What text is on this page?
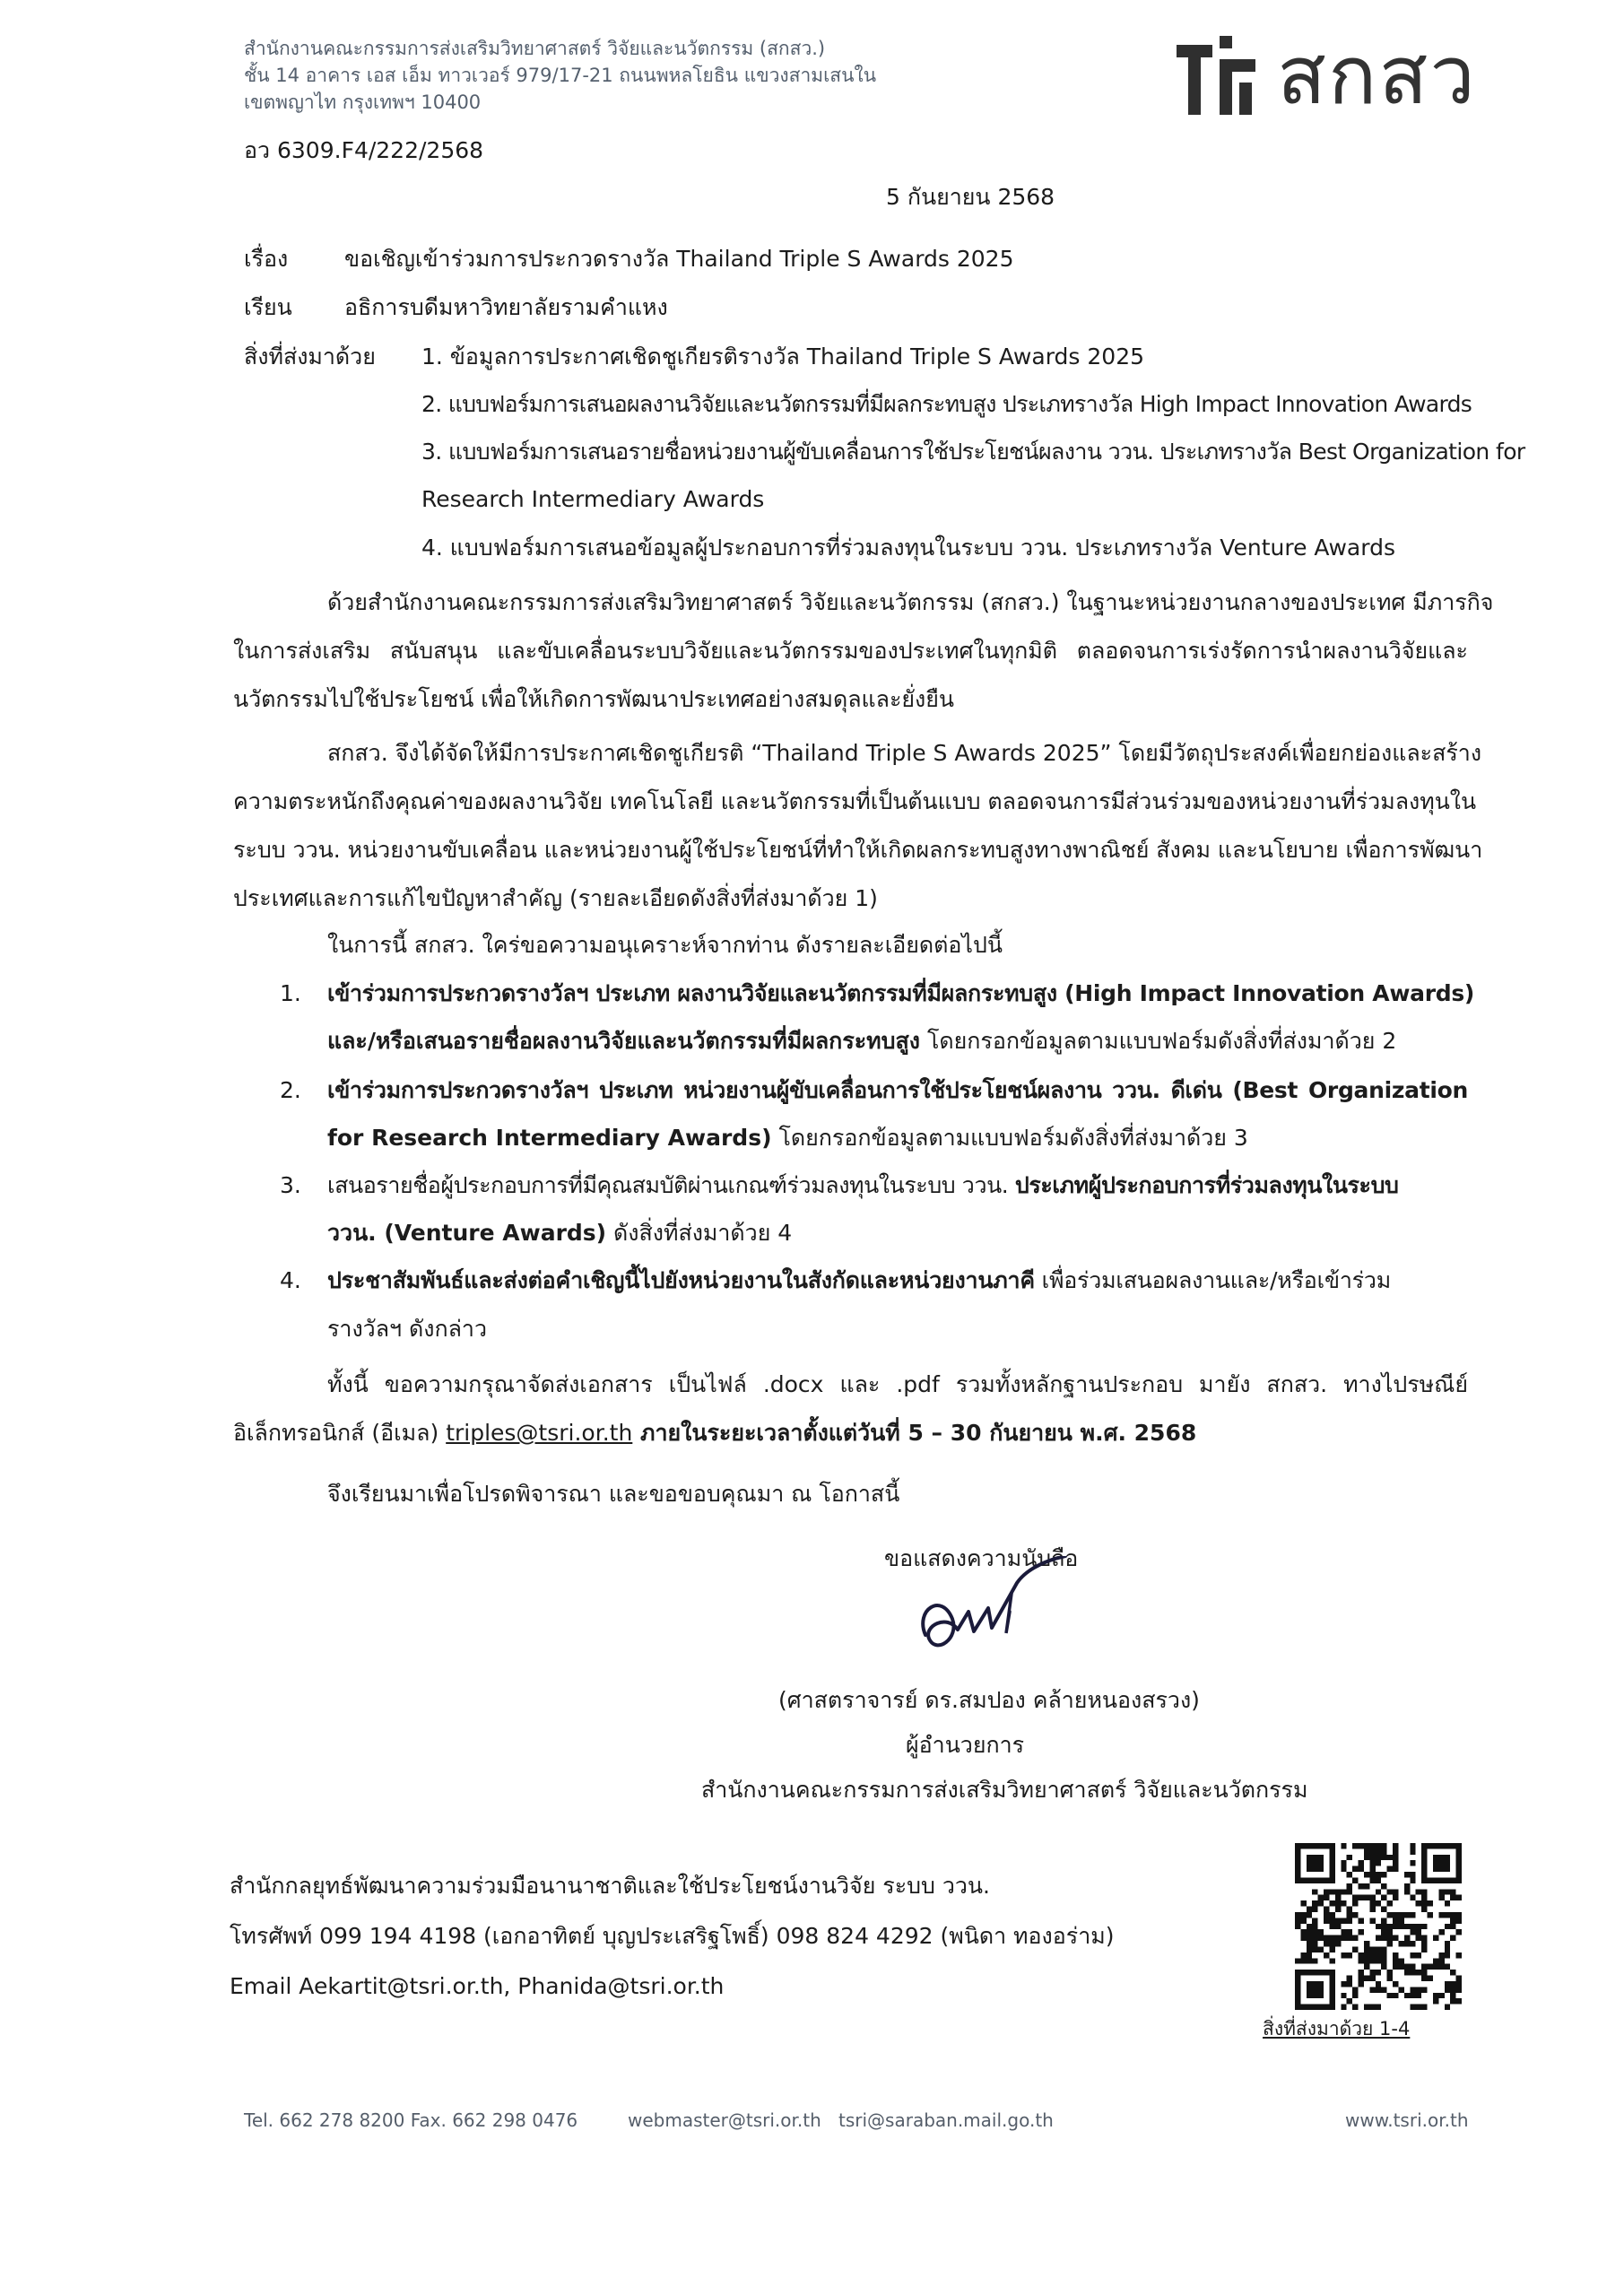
สำนักงานคณะกรรมการส่งเสริมวิทยาศาสตร์ วิจัยและนวัตกรรม (สกสว.)
ชั้น 14 อาคาร เอส เอ็ม ทาวเวอร์ 979/17-21 ถนนพหลโยธิน แขวงสามเสนใน
เขตพญาไท กรุงเทพฯ 10400	สกสว
อว 6309.F4/222/2568
5 กันยายน 2568
เรื่อง	ขอเชิญเข้าร่วมการประกวดรางวัล Thailand Triple S Awards 2025
เรียน อธิการบดีมหาวิทยาลัยรามคำแหง
สิ่งที่ส่งมาด้วย 1. ข้อมูลการประกาศเชิดชูเกียรติรางวัล Thailand Triple S Awards 2025
2. แบบฟอร์มการเสนอผลงานวิจัยและนวัตกรรมที่มีผลกระทบสูง ประเภทรางวัล High Impact Innovation Awards
3. แบบฟอร์มการเสนอรายชื่อหน่วยงานผู้ขับเคลื่อนการใช้ประโยชน์ผลงาน ววน. ประเภทรางวัล Best Organization for
Research Intermediary Awards
4. แบบฟอร์มการเสนอข้อมูลผู้ประกอบการที่ร่วมลงทุนในระบบ ววน. ประเภทรางวัล Venture Awards
ด้วยสำนักงานคณะกรรมการส่งเสริมวิทยาศาสตร์ วิจัยและนวัตกรรม (สกสว.) ในฐานะหน่วยงานกลางของประเทศ มีภารกิจ
ในการส่งเสริม สนับสนุน และขับเคลื่อนระบบวิจัยและนวัตกรรมของประเทศในทุกมิติ ตลอดจนการเร่งรัดการนำผลงานวิจัยและ
นวัตกรรมไปใช้ประโยชน์ เพื่อให้เกิดการพัฒนาประเทศอย่างสมดุลและยั่งยืน
สกสว. จึงได้จัดให้มีการประกาศเชิดชูเกียรติ “Thailand Triple S Awards 2025” โดยมีวัตถุประสงค์เพื่อยกย่องและสร้าง
ความตระหนักถึงคุณค่าของผลงานวิจัย เทคโนโลยี และนวัตกรรมที่เป็นต้นแบบ ตลอดจนการมีส่วนร่วมของหน่วยงานที่ร่วมลงทุนใน
ระบบ ววน. หน่วยงานขับเคลื่อน และหน่วยงานผู้ใช้ประโยชน์ที่ทำให้เกิดผลกระทบสูงทางพาณิชย์ สังคม และนโยบาย เพื่อการพัฒนา
ประเทศและการแก้ไขปัญหาสำคัญ (รายละเอียดดังสิ่งที่ส่งมาด้วย 1)
ในการนี้ สกสว. ใคร่ขอความอนุเคราะห์จากท่าน ดังรายละเอียดต่อไปนี้
1. เข้าร่วมการประกวดรางวัลฯ ประเภท ผลงานวิจัยและนวัตกรรมที่มีผลกระทบสูง (High Impact Innovation Awards)
และ/หรือเสนอรายชื่อผลงานวิจัยและนวัตกรรมที่มีผลกระทบสูง โดยกรอกข้อมูลตามแบบฟอร์มดังสิ่งที่ส่งมาด้วย 2
2. เข้าร่วมการประกวดรางวัลฯ ประเภท หน่วยงานผู้ขับเคลื่อนการใช้ประโยชน์ผลงาน ววน. ดีเด่น (Best Organization
for Research Intermediary Awards) โดยกรอกข้อมูลตามแบบฟอร์มดังสิ่งที่ส่งมาด้วย 3
3. เสนอรายชื่อผู้ประกอบการที่มีคุณสมบัติผ่านเกณฑ์ร่วมลงทุนในระบบ ววน. ประเภทผู้ประกอบการที่ร่วมลงทุนในระบบ
ววน. (Venture Awards) ดังสิ่งที่ส่งมาด้วย 4
4. ประชาสัมพันธ์และส่งต่อคำเชิญนี้ไปยังหน่วยงานในสังกัดและหน่วยงานภาคี เพื่อร่วมเสนอผลงานและ/หรือเข้าร่วม
รางวัลฯ ดังกล่าว
ทั้งนี้ ขอความกรุณาจัดส่งเอกสาร เป็นไฟล์ .docx และ .pdf รวมทั้งหลักฐานประกอบ มายัง สกสว. ทางไปรษณีย์
อิเล็กทรอนิกส์ (อีเมล) triples@tsri.or.th ภายในระยะเวลาตั้งแต่วันที่ 5 – 30 กันยายน พ.ศ. 2568
จึงเรียนมาเพื่อโปรดพิจารณา และขอขอบคุณมา ณ โอกาสนี้
ขอแสดงความนับถือ
(ศาสตราจารย์ ดร.สมปอง คล้ายหนองสรวง)
ผู้อำนวยการ
สำนักงานคณะกรรมการส่งเสริมวิทยาศาสตร์ วิจัยและนวัตกรรม
สำนักกลยุทธ์พัฒนาความร่วมมือนานาชาติและใช้ประโยชน์งานวิจัย ระบบ ววน.
โทรศัพท์ 099 194 4198 (เอกอาทิตย์ บุญประเสริฐโพธิ์) 098 824 4292 (พนิดา ทองอร่าม)
Email Aekartit@tsri.or.th, Phanida@tsri.or.th
สิ่งที่ส่งมาด้วย 1-4
Tel. 662 278 8200 Fax. 662 298 0476	webmaster@tsri.or.th tsri@saraban.mail.go.th	www.tsri.or.th
